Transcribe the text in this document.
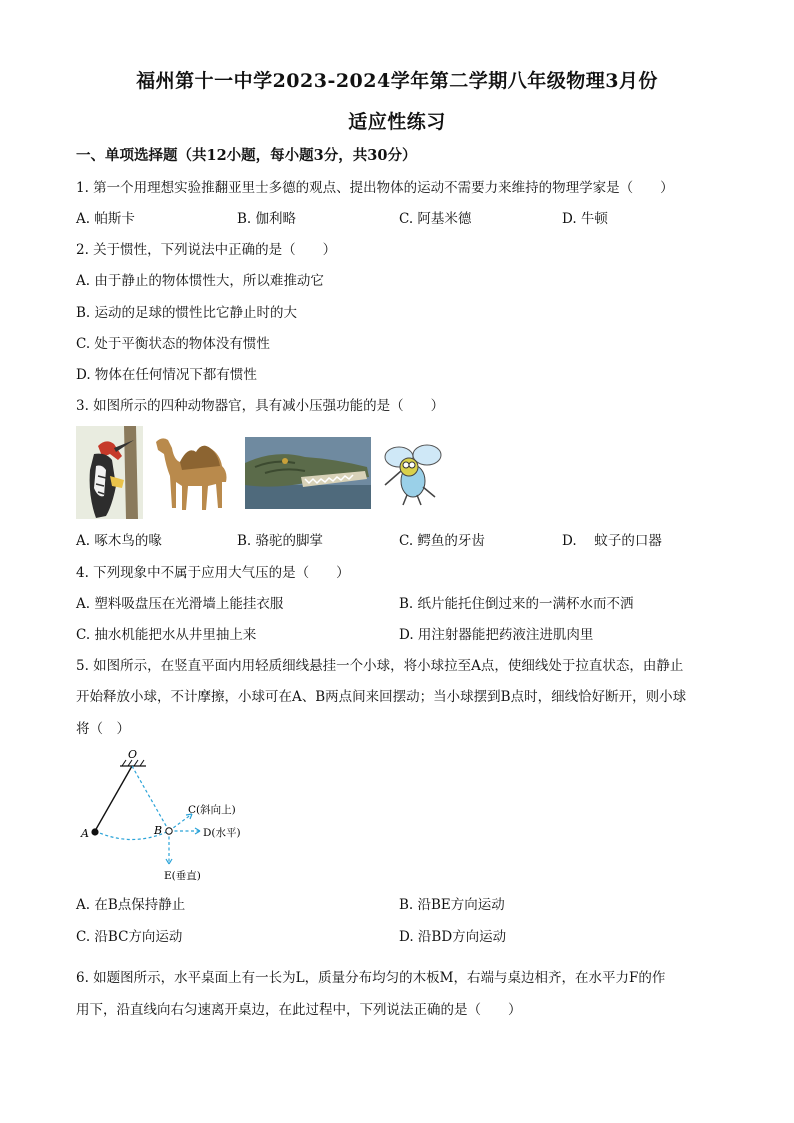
福州第十一中学2023-2024学年第二学期八年级物理3月份
适应性练习
一、单项选择题（共12小题，每小题3分，共30分）
1. 第一个用理想实验推翻亚里士多德的观点、提出物体的运动不需要力来维持的物理学家是（　　）
A. 帕斯卡	B. 伽利略	C. 阿基米德	D. 牛顿
2. 关于惯性，下列说法中正确的是（　　）
A. 由于静止的物体惯性大，所以难推动它
B. 运动的足球的惯性比它静止时的大
C. 处于平衡状态的物体没有惯性
D. 物体在任何情况下都有惯性
3. 如图所示的四种动物器官，具有减小压强功能的是（　　）
A. 啄木鸟的喙	B. 骆驼的脚掌	C. 鳄鱼的牙齿	D.　 蚊子的口器
4. 下列现象中不属于应用大气压的是（　　）
A. 塑料吸盘压在光滑墙上能挂衣服	B. 纸片能托住倒过来的一满杯水而不洒
C. 抽水机能把水从井里抽上来	D. 用注射器能把药液注进肌肉里
5. 如图所示，在竖直平面内用轻质细线悬挂一个小球，将小球拉至A点，使细线处于拉直状态，由静止
开始释放小球，不计摩擦，小球可在A、B两点间来回摆动；当小球摆到B点时，细线恰好断开，则小球
将（　）
O
A	B
C(斜向上)
D(水平)
E(垂直)
A. 在B点保持静止	B. 沿BE方向运动
C. 沿BC方向运动	D. 沿BD方向运动
6. 如题图所示，水平桌面上有一长为L，质量分布均匀的木板M，右端与桌边相齐，在水平力F的作
用下，沿直线向右匀速离开桌边，在此过程中，下列说法正确的是（　　）
